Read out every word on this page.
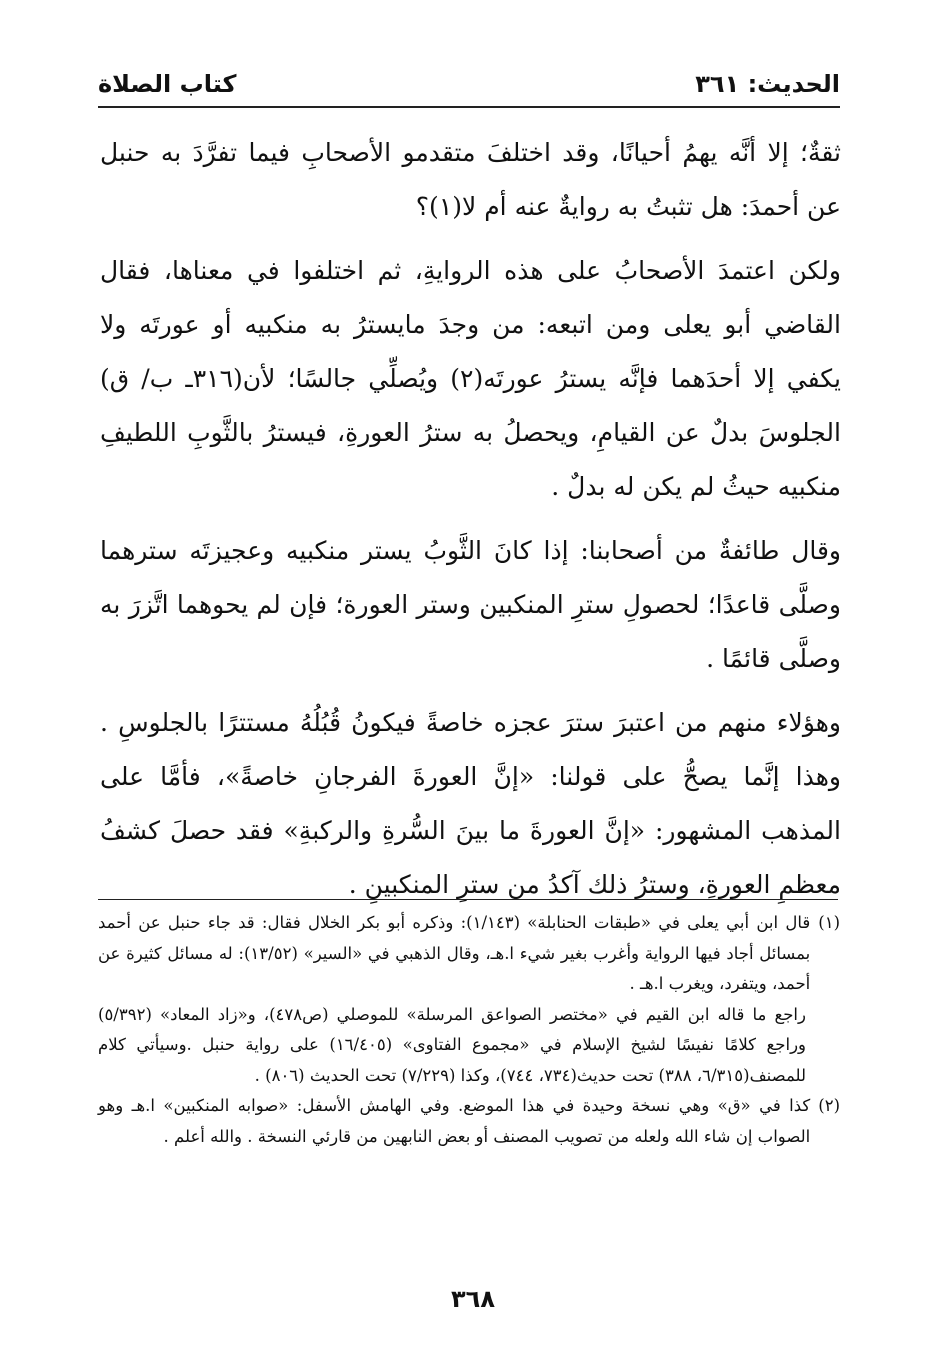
كتاب الصلاة	الحديث: ٣٦١

ثقةٌ؛ إلا أنَّه يهمُ أحيانًا، وقد اختلفَ متقدمو الأصحابِ فيما تفرَّدَ به حنبل عن أحمدَ: هل تثبتُ به روايةٌ عنه أم لا(١)؟

ولكن اعتمدَ الأصحابُ على هذه الروايةِ، ثم اختلفوا في معناها، فقال القاضي أبو يعلى ومن اتبعه: من وجدَ مايسترُ به منكبيه أو عورتَه ولا يكفي إلا أحدَهما فإنَّه يسترُ عورتَه(٢) ويُصلِّي جالسًا؛ لأن(٣١٦ـ ب/ ق) الجلوسَ بدلٌ عن القيامِ، ويحصلُ به سترُ العورةِ، فيسترُ بالثَّوبِ اللطيفِ منكبيه حيثُ لم يكن له بدلٌ .

وقال طائفةٌ من أصحابنا: إذا كانَ الثَّوبُ يستر منكبيه وعجيزتَه سترهما وصلَّى قاعدًا؛ لحصولِ سترِ المنكبين وستر العورة؛ فإن لم يحوهما اتَّزرَ به وصلَّى قائمًا .

وهؤلاء منهم من اعتبرَ سترَ عجزه خاصةً فيكونُ قُبُلُهُ مستترًا بالجلوسِ . وهذا إنَّما يصحُّ على قولنا: «إنَّ العورةَ الفرجانِ خاصةً»، فأمَّا على المذهب المشهور: «إنَّ العورةَ ما بينَ السُّرةِ والركبةِ» فقد حصلَ كشفُ معظمِ العورةِ، وسترُ ذلك آكدُ من سترِ المنكبينِ .

(١)
قال ابن أبي يعلى في «طبقات الحنابلة» (١/١٤٣): وذكره أبو بكر الخلال فقال: قد جاء حنبل عن أحمد بمسائل أجاد فيها الرواية وأغرب بغير شيء ا.هـ، وقال الذهبي في «السير» (١٣/٥٢): له مسائل كثيرة عن أحمد، ويتفرد، ويغرب ا.هـ .
راجع ما قاله ابن القيم في «مختصر الصواعق المرسلة» للموصلي (ص٤٧٨)، و«زاد المعاد» (٥/٣٩٢) وراجع كلامًا نفيسًا لشيخ الإسلام في «مجموع الفتاوى» (١٦/٤٠٥) على رواية حنبل .وسيأتي كلام للمصنف(٦/٣١٥، ٣٨٨) تحت حديث(٧٣٤، ٧٤٤)، وكذا (٧/٢٢٩) تحت الحديث (٨٠٦) .
(٢)
كذا في «ق» وهي نسخة وحيدة في هذا الموضع. وفي الهامش الأسفل: «صوابه المنكبين» ا.هـ وهو الصواب إن شاء الله ولعله من تصويب المصنف أو بعض النابهين من قارئي النسخة . والله أعلم .
٣٦٨
